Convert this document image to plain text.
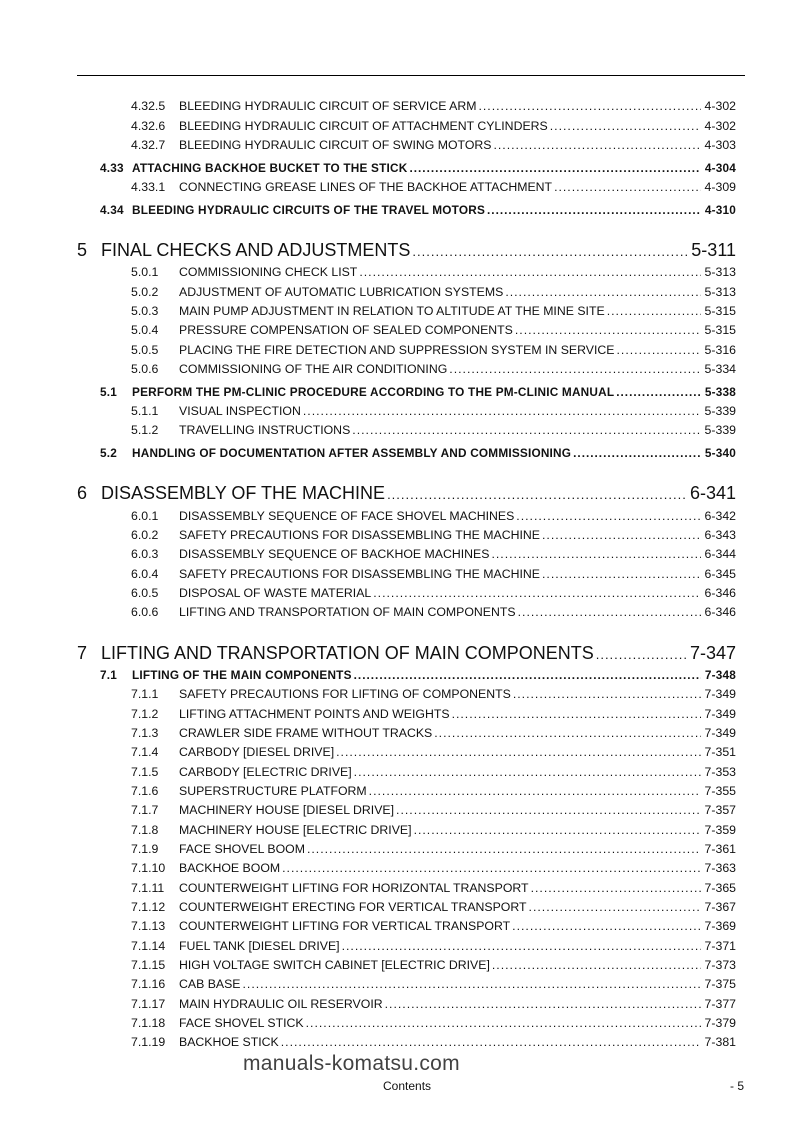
4.32.5	BLEEDING HYDRAULIC CIRCUIT OF SERVICE ARM .....	4-302
4.32.6	BLEEDING HYDRAULIC CIRCUIT OF ATTACHMENT CYLINDERS .....	4-302
4.32.7	BLEEDING HYDRAULIC CIRCUIT OF SWING MOTORS .....	4-303
4.33 ATTACHING BACKHOE BUCKET TO THE STICK .....	4-304
4.33.1	CONNECTING GREASE LINES OF THE BACKHOE ATTACHMENT .....	4-309
4.34 BLEEDING HYDRAULIC CIRCUITS OF THE TRAVEL MOTORS .....	4-310
5 FINAL CHECKS AND ADJUSTMENTS .....	5-311
5.0.1	COMMISSIONING CHECK LIST .....	5-313
5.0.2	ADJUSTMENT OF AUTOMATIC LUBRICATION SYSTEMS .....	5-313
5.0.3	MAIN PUMP ADJUSTMENT IN RELATION TO ALTITUDE AT THE MINE SITE .....	5-315
5.0.4	PRESSURE COMPENSATION OF SEALED COMPONENTS .....	5-315
5.0.5	PLACING THE FIRE DETECTION AND SUPPRESSION SYSTEM IN SERVICE .....	5-316
5.0.6	COMMISSIONING OF THE AIR CONDITIONING .....	5-334
5.1	PERFORM THE PM-CLINIC PROCEDURE ACCORDING TO THE PM-CLINIC MANUAL .....	5-338
5.1.1	VISUAL INSPECTION .....	5-339
5.1.2	TRAVELLING INSTRUCTIONS .....	5-339
5.2	HANDLING OF DOCUMENTATION AFTER ASSEMBLY AND COMMISSIONING .....	5-340
6 DISASSEMBLY OF THE MACHINE .....	6-341
6.0.1	DISASSEMBLY SEQUENCE OF FACE SHOVEL MACHINES .....	6-342
6.0.2	SAFETY PRECAUTIONS FOR DISASSEMBLING THE MACHINE .....	6-343
6.0.3	DISASSEMBLY SEQUENCE OF BACKHOE MACHINES .....	6-344
6.0.4	SAFETY PRECAUTIONS FOR DISASSEMBLING THE MACHINE .....	6-345
6.0.5	DISPOSAL OF WASTE MATERIAL .....	6-346
6.0.6	LIFTING AND TRANSPORTATION OF MAIN COMPONENTS .....	6-346
7 LIFTING AND TRANSPORTATION OF MAIN COMPONENTS .....	7-347
7.1	LIFTING OF THE MAIN COMPONENTS .....	7-348
7.1.1	SAFETY PRECAUTIONS FOR LIFTING OF COMPONENTS .....	7-349
7.1.2	LIFTING ATTACHMENT POINTS AND WEIGHTS .....	7-349
7.1.3	CRAWLER SIDE FRAME WITHOUT TRACKS .....	7-349
7.1.4	CARBODY [DIESEL DRIVE] .....	7-351
7.1.5	CARBODY [ELECTRIC DRIVE] .....	7-353
7.1.6	SUPERSTRUCTURE PLATFORM .....	7-355
7.1.7	MACHINERY HOUSE [DIESEL DRIVE] .....	7-357
7.1.8	MACHINERY HOUSE [ELECTRIC DRIVE] .....	7-359
7.1.9	FACE SHOVEL BOOM .....	7-361
7.1.10	BACKHOE BOOM .....	7-363
7.1.11	COUNTERWEIGHT LIFTING FOR HORIZONTAL TRANSPORT .....	7-365
7.1.12	COUNTERWEIGHT ERECTING FOR VERTICAL TRANSPORT .....	7-367
7.1.13	COUNTERWEIGHT LIFTING FOR VERTICAL TRANSPORT .....	7-369
7.1.14	FUEL TANK [DIESEL DRIVE] .....	7-371
7.1.15	HIGH VOLTAGE SWITCH CABINET [ELECTRIC DRIVE] .....	7-373
7.1.16	CAB BASE .....	7-375
7.1.17	MAIN HYDRAULIC OIL RESERVOIR .....	7-377
7.1.18	FACE SHOVEL STICK .....	7-379
7.1.19	BACKHOE STICK .....	7-381
manuals-komatsu.com
Contents	- 5
